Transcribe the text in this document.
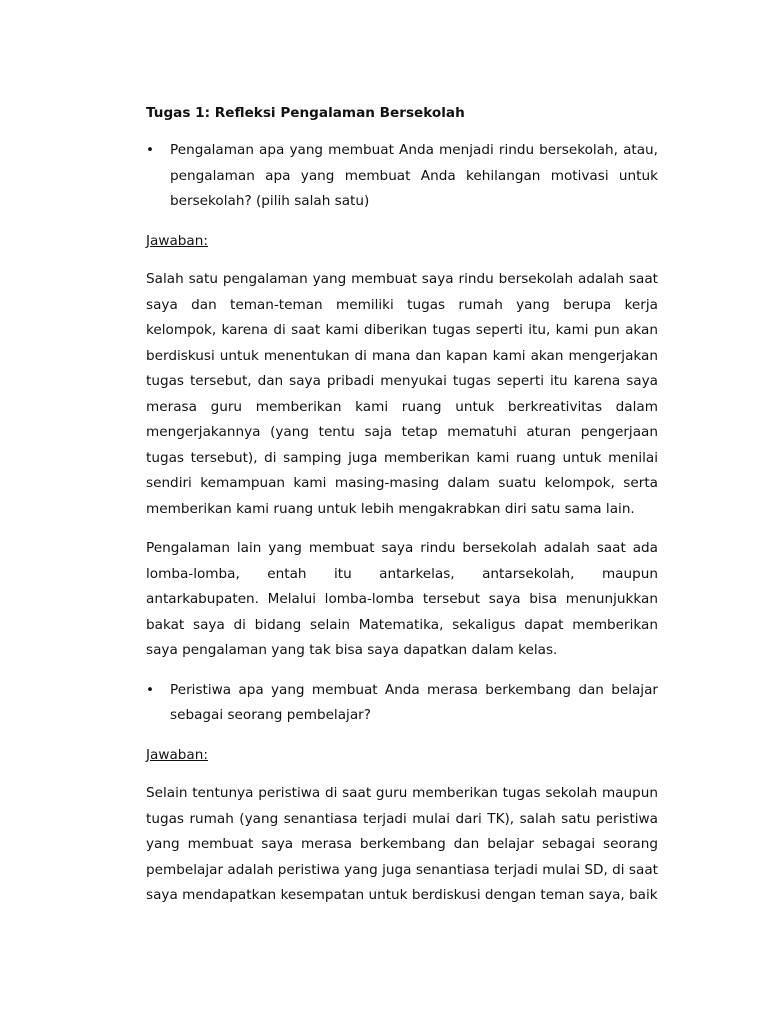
Tugas 1: Refleksi Pengalaman Bersekolah
• Pengalaman apa yang membuat Anda menjadi rindu bersekolah, atau, pengalaman apa yang membuat Anda kehilangan motivasi untuk bersekolah? (pilih salah satu)
Jawaban:
Salah satu pengalaman yang membuat saya rindu bersekolah adalah saat saya dan teman-teman memiliki tugas rumah yang berupa kerja kelompok, karena di saat kami diberikan tugas seperti itu, kami pun akan berdiskusi untuk menentukan di mana dan kapan kami akan mengerjakan tugas tersebut, dan saya pribadi menyukai tugas seperti itu karena saya merasa guru memberikan kami ruang untuk berkreativitas dalam mengerjakannya (yang tentu saja tetap mematuhi aturan pengerjaan tugas tersebut), di samping juga memberikan kami ruang untuk menilai sendiri kemampuan kami masing-masing dalam suatu kelompok, serta memberikan kami ruang untuk lebih mengakrabkan diri satu sama lain.
Pengalaman lain yang membuat saya rindu bersekolah adalah saat ada lomba-lomba, entah itu antarkelas, antarsekolah, maupun antarkabupaten. Melalui lomba-lomba tersebut saya bisa menunjukkan bakat saya di bidang selain Matematika, sekaligus dapat memberikan saya pengalaman yang tak bisa saya dapatkan dalam kelas.
• Peristiwa apa yang membuat Anda merasa berkembang dan belajar sebagai seorang pembelajar?
Jawaban:
Selain tentunya peristiwa di saat guru memberikan tugas sekolah maupun tugas rumah (yang senantiasa terjadi mulai dari TK), salah satu peristiwa yang membuat saya merasa berkembang dan belajar sebagai seorang pembelajar adalah peristiwa yang juga senantiasa terjadi mulai SD, di saat saya mendapatkan kesempatan untuk berdiskusi dengan teman saya, baik
